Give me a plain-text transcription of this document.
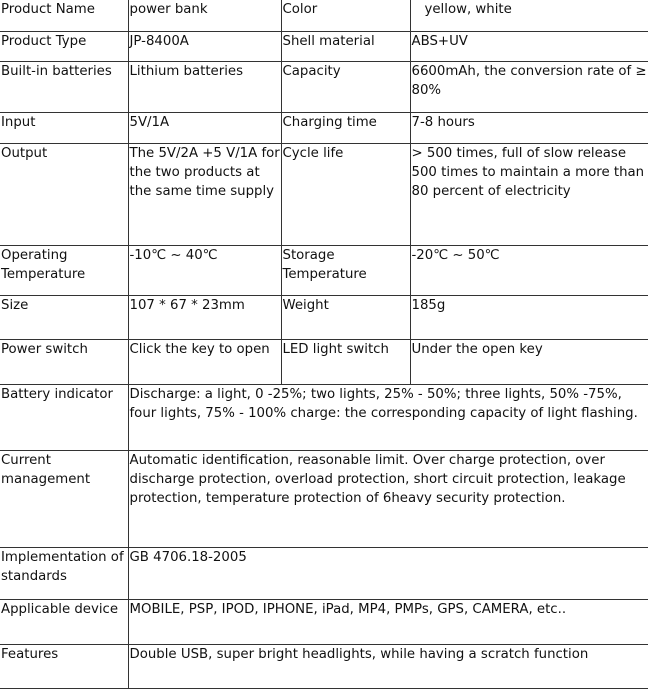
Product Name	power bank	Color	yellow, white
Product Type	JP-8400A	Shell material	ABS+UV
Built-in batteries	Lithium batteries	Capacity	6600mAh, the conversion rate of ≥ 80%
Input	5V/1A	Charging time	7-8 hours
Output	The 5V/2A +5 V/1A for the two products at the same time supply	Cycle life	> 500 times, full of slow release 500 times to maintain a more than 80 percent of electricity
Operating Temperature	-10℃ ~ 40℃	Storage Temperature	-20℃ ~ 50℃
Size	107 * 67 * 23mm	Weight	185g
Power switch	Click the key to open	LED light switch	Under the open key
Battery indicator	Discharge: a light, 0 -25%; two lights, 25% - 50%; three lights, 50% -75%, four lights, 75% - 100% charge: the corresponding capacity of light flashing.		
Current management	Automatic identification, reasonable limit. Over charge protection, over discharge protection, overload protection, short circuit protection, leakage protection, temperature protection of 6heavy security protection.		
Implementation of standards	GB 4706.18-2005		
Applicable device	MOBILE, PSP, IPOD, IPHONE, iPad, MP4, PMPs, GPS, CAMERA, etc..		
Features	Double USB, super bright headlights, while having a scratch function		
